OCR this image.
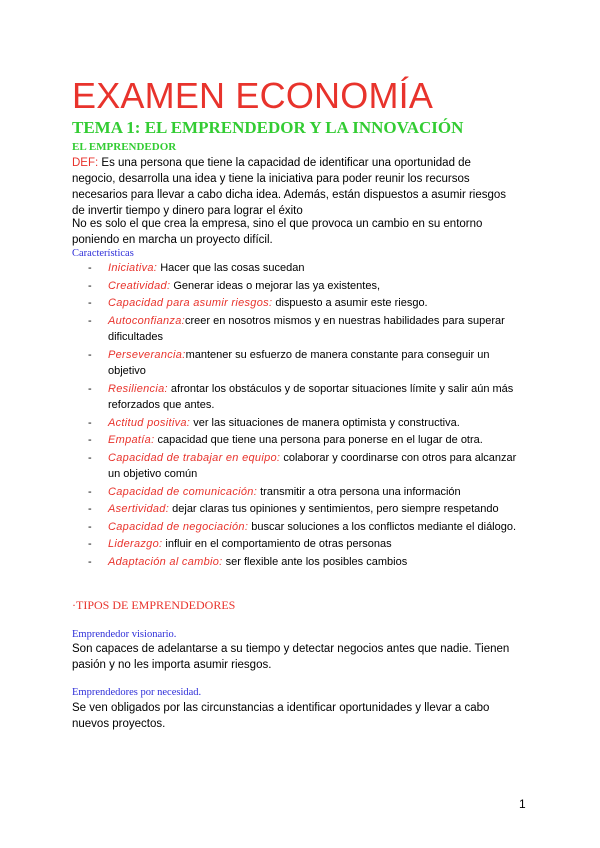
EXAMEN ECONOMÍA
TEMA 1: EL EMPRENDEDOR Y LA INNOVACIÓN
EL EMPRENDEDOR
DEF: Es una persona que tiene la capacidad de identificar una oportunidad de negocio, desarrolla una idea y tiene la iniciativa para poder reunir los recursos necesarios para llevar a cabo dicha idea. Además, están dispuestos a asumir riesgos de invertir tiempo y dinero para lograr el éxito
No es solo el que crea la empresa, sino el que provoca un cambio en su entorno poniendo en marcha un proyecto difícil.
Características
- Iniciativa: Hacer que las cosas sucedan
- Creatividad: Generar ideas o mejorar las ya existentes,
- Capacidad para asumir riesgos: dispuesto a asumir este riesgo.
- Autoconfianza:creer en nosotros mismos y en nuestras habilidades para superar dificultades
- Perseverancia:mantener su esfuerzo de manera constante para conseguir un objetivo
- Resiliencia: afrontar los obstáculos y de soportar situaciones límite y salir aún más reforzados que antes.
- Actitud positiva: ver las situaciones de manera optimista y constructiva.
- Empatía: capacidad que tiene una persona para ponerse en el lugar de otra.
- Capacidad de trabajar en equipo: colaborar y coordinarse con otros para alcanzar un objetivo común
- Capacidad de comunicación: transmitir a otra persona una información
- Asertividad: dejar claras tus opiniones y sentimientos, pero siempre respetando
- Capacidad de negociación: buscar soluciones a los conflictos mediante el diálogo.
- Liderazgo: influir en el comportamiento de otras personas
- Adaptación al cambio: ser flexible ante los posibles cambios
·TIPOS DE EMPRENDEDORES
Emprendedor visionario.
Son capaces de adelantarse a su tiempo y detectar negocios antes que nadie. Tienen pasión y no les importa asumir riesgos.
Emprendedores por necesidad.
Se ven obligados por las circunstancias a identificar oportunidades y llevar a cabo nuevos proyectos.
1
